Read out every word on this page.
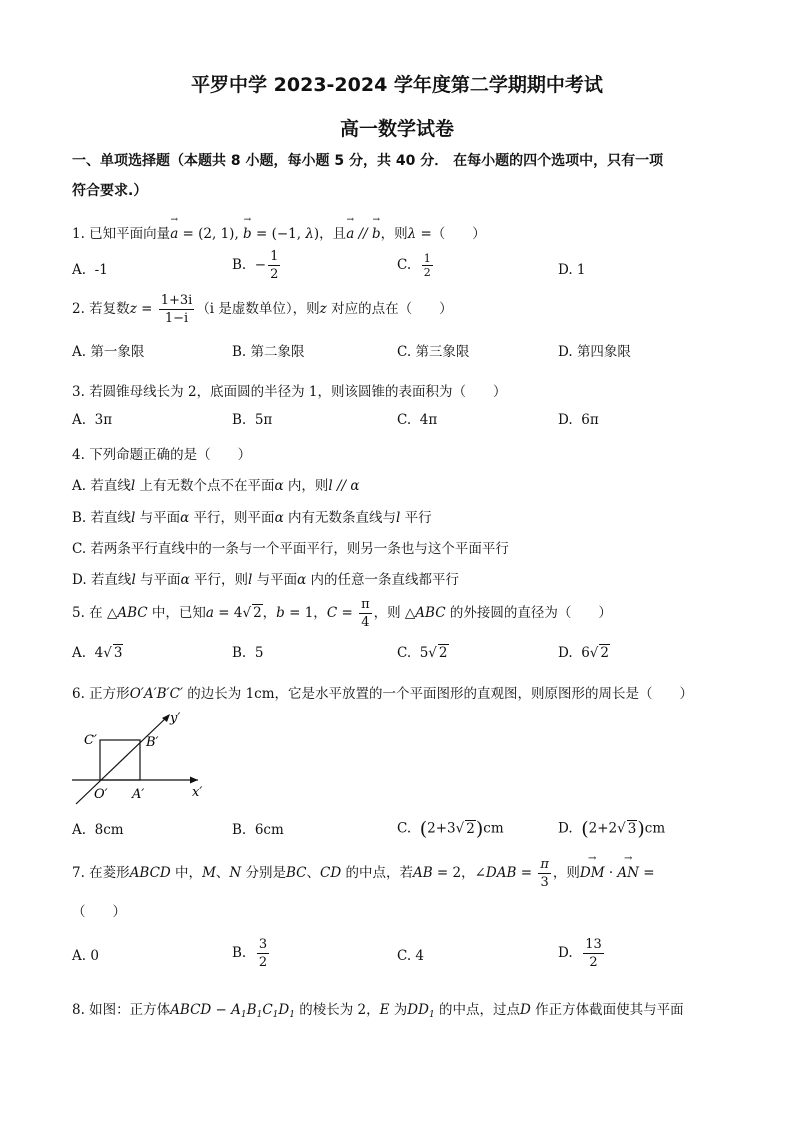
平罗中学 2023-2024 学年度第二学期期中考试
高一数学试卷
一、单项选择题（本题共 8 小题，每小题 5 分，共 40 分． 在每小题的四个选项中，只有一项
符合要求.）
1. 已知平面向量→ a = (2, 1), → b = (−1, λ)，且→ a // → b，则λ =（　　）
A. -1	B.  − $\frac{1}{2}$	C. $\frac{1}{2}$	D. 1
2. 若复数$z = \frac{1+3i}{1-i} (i$ 是虚数单位），则z 对应的点在（　　）
A. 第一象限	B. 第二象限	C. 第三象限	D. 第四象限
3. 若圆锥母线长为 2，底面圆的半径为 1，则该圆锥的表面积为（　　）
A. 3π	B. 5π	C. 4π	D. 6π
4. 下列命题正确的是（　　）
A. 若直线l 上有无数个点不在平面α 内，则l // α
B. 若直线l 与平面α 平行，则平面α 内有无数条直线与l 平行
C. 若两条平行直线中的一条与一个平面平行，则另一条也与这个平面平行
D. 若直线l 与平面α 平行，则l 与平面α 内的任意一条直线都平行
5. 在 △ABC 中，已知a = 4√ 2，b = 1，$C = \frac{\pi}{4}$ ，则 △ABC 的外接圆的直径为（　　）
A.  4√ 3	B. 5	C.  5√ 2	D.  6√ 2
6. 正方形O′A′B′C′ 的边长为 1cm，它是水平放置的一个平面图形的直观图，则原图形的周长是（　　）
C′	B′
O′ A′
y′
x′
A. 8cm	B. 6cm	C. (2+3√ 2)cm	D. (2+2√ 3)cm
7. 在菱形ABCD 中，M、N 分别是BC、CD 的中点，若AB = 2，∠DAB = $\frac{\pi}{3}$ ，则→ DM · → AN =
（　　）
A. 0	B. $\frac{3}{2}$	C. 4	D. $\frac{13}{2}$
8. 如图：正方体ABCD − $A_1B_1C_1D_1$ 的棱长为 2，E 为$DD_1$ 的中点，过点D 作正方体截面使其与平面
